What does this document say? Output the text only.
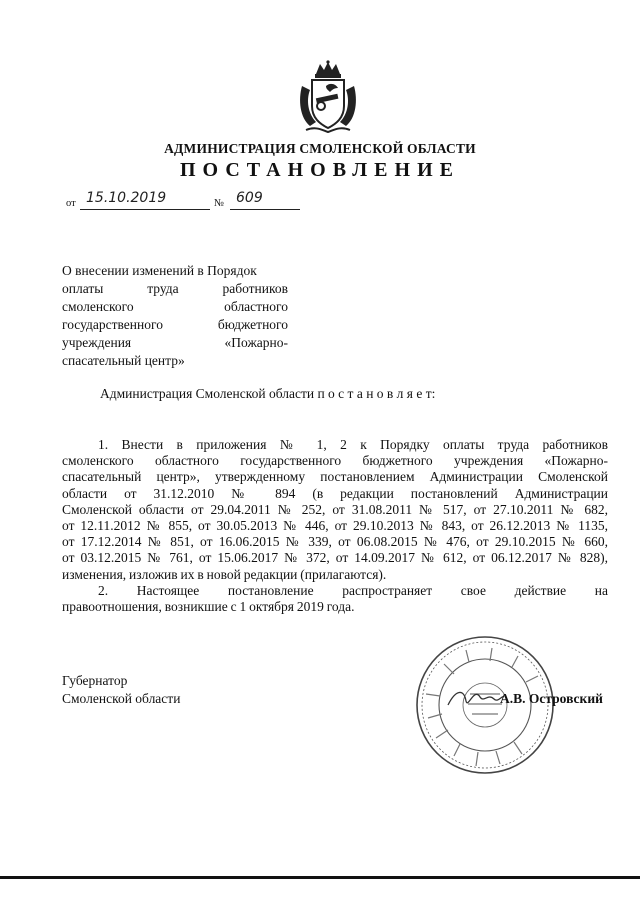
АДМИНИСТРАЦИЯ СМОЛЕНСКОЙ ОБЛАСТИ
ПОСТАНОВЛЕНИЕ
от 15.10.2019	№ 609
О внесении изменений в Порядок
оплаты труда работников
смоленского областного
государственного бюджетного
учреждения «Пожарно-
спасательный центр»
Администрация Смоленской области п о с т а н о в л я е т:
1. Внести в приложения № 1, 2 к Порядку оплаты труда работников
смоленского областного государственного бюджетного учреждения «Пожарно-
спасательный центр», утвержденному постановлением Администрации Смоленской
области от 31.12.2010 № 894 (в редакции постановлений Администрации
Смоленской области от 29.04.2011 № 252, от 31.08.2011 № 517, от 27.10.2011 № 682,
от 12.11.2012 № 855, от 30.05.2013 № 446, от 29.10.2013 № 843, от 26.12.2013 № 1135,
от 17.12.2014 № 851, от 16.06.2015 № 339, от 06.08.2015 № 476, от 29.10.2015 № 660,
от 03.12.2015 № 761, от 15.06.2017 № 372, от 14.09.2017 № 612, от 06.12.2017 № 828),
изменения, изложив их в новой редакции (прилагаются).
2. Настоящее постановление распространяет свое действие на
правоотношения, возникшие с 1 октября 2019 года.
Губернатор
Смоленской области	А.В. Островский
